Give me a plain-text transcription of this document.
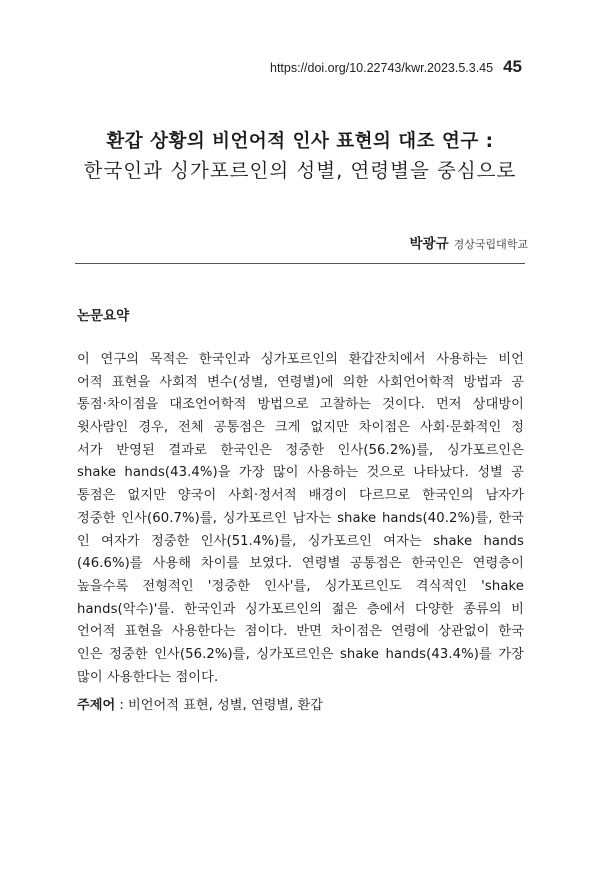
https://doi.org/10.22743/kwr.2023.5.3.45 45
환갑 상황의 비언어적 인사 표현의 대조 연구 :
한국인과 싱가포르인의 성별, 연령별을 중심으로
박광규 경상국립대학교
논문요약
이 연구의 목적은 한국인과 싱가포르인의 환갑잔치에서 사용하는 비언
어적 표현을 사회적 변수(성별, 연령별)에 의한 사회언어학적 방법과 공
통점·차이점을 대조언어학적 방법으로 고찰하는 것이다. 먼저 상대방이
윗사람인 경우, 전체 공통점은 크게 없지만 차이점은 사회·문화적인 정
서가 반영된 결과로 한국인은 정중한 인사(56.2%)를, 싱가포르인은
shake hands(43.4%)을 가장 많이 사용하는 것으로 나타났다. 성별 공
통점은 없지만 양국이 사회·정서적 배경이 다르므로 한국인의 남자가
정중한 인사(60.7%)를, 싱가포르인 남자는 shake hands(40.2%)를, 한국
인 여자가 정중한 인사(51.4%)를, 싱가포르인 여자는 shake hands
(46.6%)를 사용해 차이를 보였다. 연령별 공통점은 한국인은 연령층이
높을수록 전형적인 '정중한 인사'를, 싱가포르인도 격식적인 'shake
hands(악수)'를. 한국인과 싱가포르인의 젊은 층에서 다양한 종류의 비
언어적 표현을 사용한다는 점이다. 반면 차이점은 연령에 상관없이 한국
인은 정중한 인사(56.2%)를, 싱가포르인은 shake hands(43.4%)를 가장
많이 사용한다는 점이다.
주제어 : 비언어적 표현, 성별, 연령별, 환갑
